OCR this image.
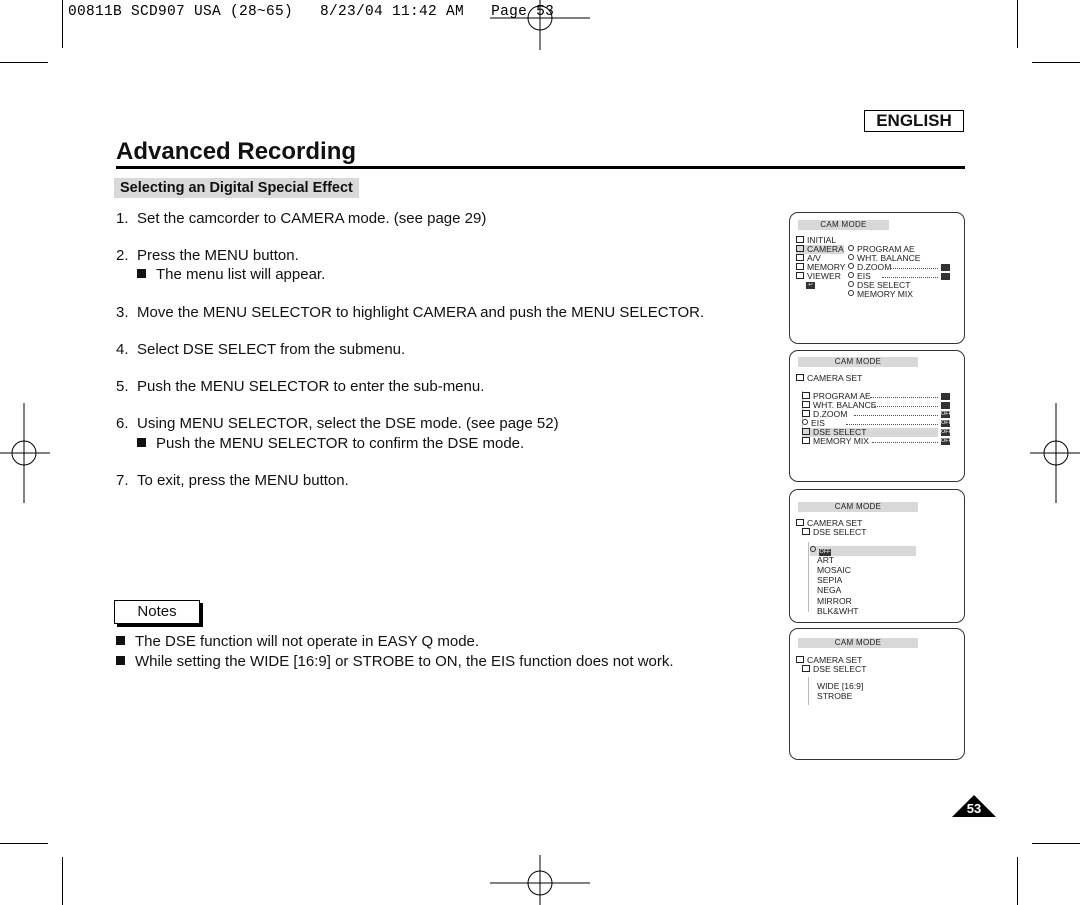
00811B SCD907 USA (28~65)   8/23/04 11:42 AM   Page 53
ENGLISH
Advanced Recording
Selecting an Digital Special Effect
1. Set the camcorder to CAMERA mode. (see page 29)
2. Press the MENU button.
The menu list will appear.
3. Move the MENU SELECTOR to highlight CAMERA and push the MENU SELECTOR.
4. Select DSE SELECT from the submenu.
5. Push the MENU SELECTOR to enter the sub-menu.
6. Using MENU SELECTOR, select the DSE mode. (see page 52)
Push the MENU SELECTOR to confirm the DSE mode.
7. To exit, press the MENU button.
Notes
The DSE function will not operate in EASY Q mode.
While setting the WIDE [16:9] or STROBE to ON, the EIS function does not work.
CAM MODE
INITIAL
CAMERA
A/V
MEMORY
VIEWER
↩
PROGRAM AE
WHT. BALANCE
D.ZOOM
EIS
DSE SELECT
MEMORY MIX
CAM MODE
CAMERA SET
PROGRAM AE
WHT. BALANCE
D.ZOOM	OFF
EIS	OFF
DSE SELECT	OFF
MEMORY MIX	OFF
CAM MODE
CAMERA SET
DSE SELECT
OFF
ART
MOSAIC
SEPIA
NEGA
MIRROR
BLK&WHT
CAM MODE
CAMERA SET
DSE SELECT
WIDE [16:9]
STROBE
53
